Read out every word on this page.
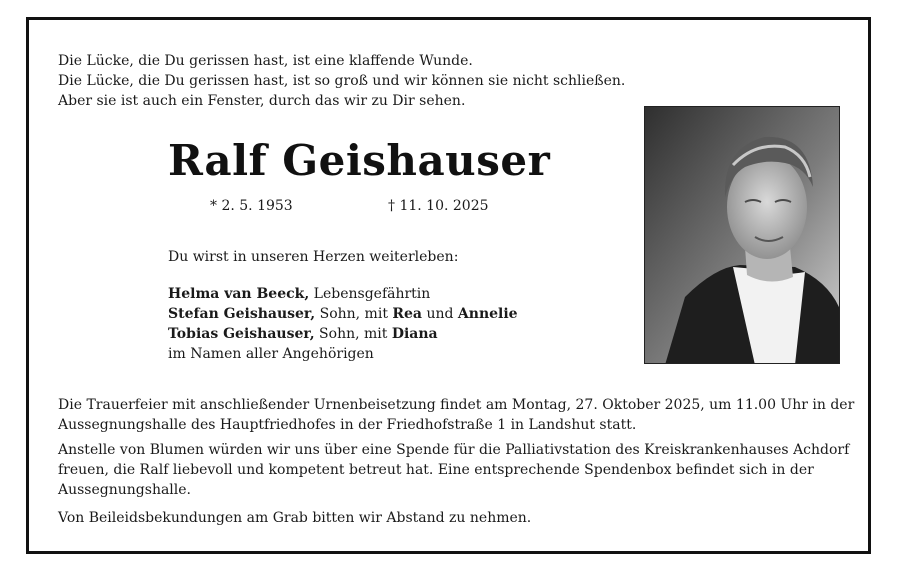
Die Lücke, die Du gerissen hast, ist eine klaffende Wunde.
Die Lücke, die Du gerissen hast, ist so groß und wir können sie nicht schließen.
Aber sie ist auch ein Fenster, durch das wir zu Dir sehen.
Ralf Geishauser
* 2. 5. 1953	† 11. 10. 2025
Du wirst in unseren Herzen weiterleben:
Helma van Beeck, Lebensgefährtin
Stefan Geishauser, Sohn, mit Rea und Annelie
Tobias Geishauser, Sohn, mit Diana
im Namen aller Angehörigen
Die Trauerfeier mit anschließender Urnenbeisetzung findet am Montag, 27. Oktober 2025, um 11.00 Uhr in der Aussegnungshalle des Hauptfriedhofes in der Friedhofstraße 1 in Landshut statt.
Anstelle von Blumen würden wir uns über eine Spende für die Palliativstation des Kreiskrankenhauses Achdorf freuen, die Ralf liebevoll und kompetent betreut hat. Eine entsprechende Spendenbox befindet sich in der Aussegnungshalle.
Von Beileidsbekundungen am Grab bitten wir Abstand zu nehmen.
